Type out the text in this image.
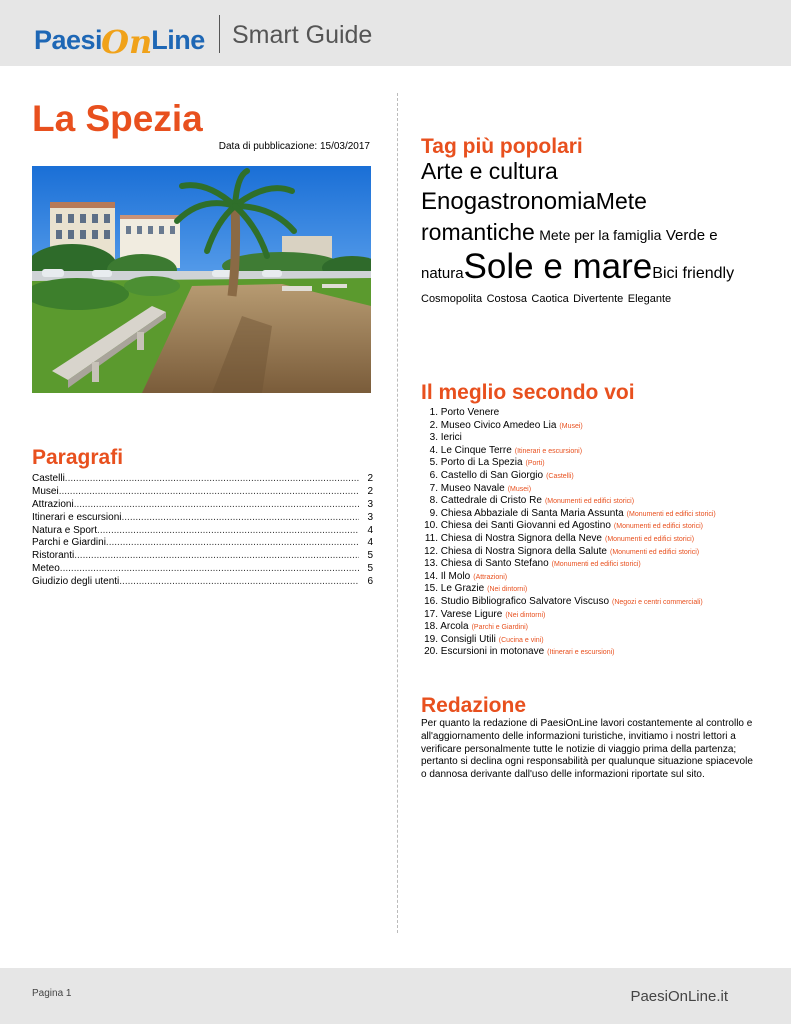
Paesi On Line Smart Guide
La Spezia
Data di pubblicazione: 15/03/2017
Paragrafi
Castelli .....	2
Musei .....	2
Attrazioni .....	3
Itinerari e escursioni .....	3
Natura e Sport .....	4
Parchi e Giardini .....	4
Ristoranti .....	5
Meteo .....	5
Giudizio degli utenti .....	6
Tag più popolari
Arte e cultura
EnogastronomiaMete romantiche Mete per la famiglia Verde e naturaSole e mareBici friendly Cosmopolita Costosa Caotica Divertente Elegante
Il meglio secondo voi
1. Porto Venere
2. Museo Civico Amedeo Lia (Musei)
3. Ierici
4. Le Cinque Terre (Itinerari e escursioni)
5. Porto di La Spezia (Porti)
6. Castello di San Giorgio (Castelli)
7. Museo Navale (Musei)
8. Cattedrale di Cristo Re (Monumenti ed edifici storici)
9. Chiesa Abbaziale di Santa Maria Assunta (Monumenti ed edifici storici)
10. Chiesa dei Santi Giovanni ed Agostino (Monumenti ed edifici storici)
11. Chiesa di Nostra Signora della Neve (Monumenti ed edifici storici)
12. Chiesa di Nostra Signora della Salute (Monumenti ed edifici storici)
13. Chiesa di Santo Stefano (Monumenti ed edifici storici)
14. Il Molo (Attrazioni)
15. Le Grazie (Nei dintorni)
16. Studio Bibliografico Salvatore Viscuso (Negozi e centri commerciali)
17. Varese Ligure (Nei dintorni)
18. Arcola (Parchi e Giardini)
19. Consigli Utili (Cucina e vini)
20. Escursioni in motonave (Itinerari e escursioni)
Redazione

Per quanto la redazione di PaesiOnLine lavori costantemente al controllo e all'aggiornamento delle informazioni turistiche, invitiamo i nostri lettori a verificare personalmente tutte le notizie di viaggio prima della partenza; pertanto si declina ogni responsabilità per qualunque situazione spiacevole o dannosa derivante dall'uso delle informazioni riportate sul sito.

Pagina 1	PaesiOnLine.it
